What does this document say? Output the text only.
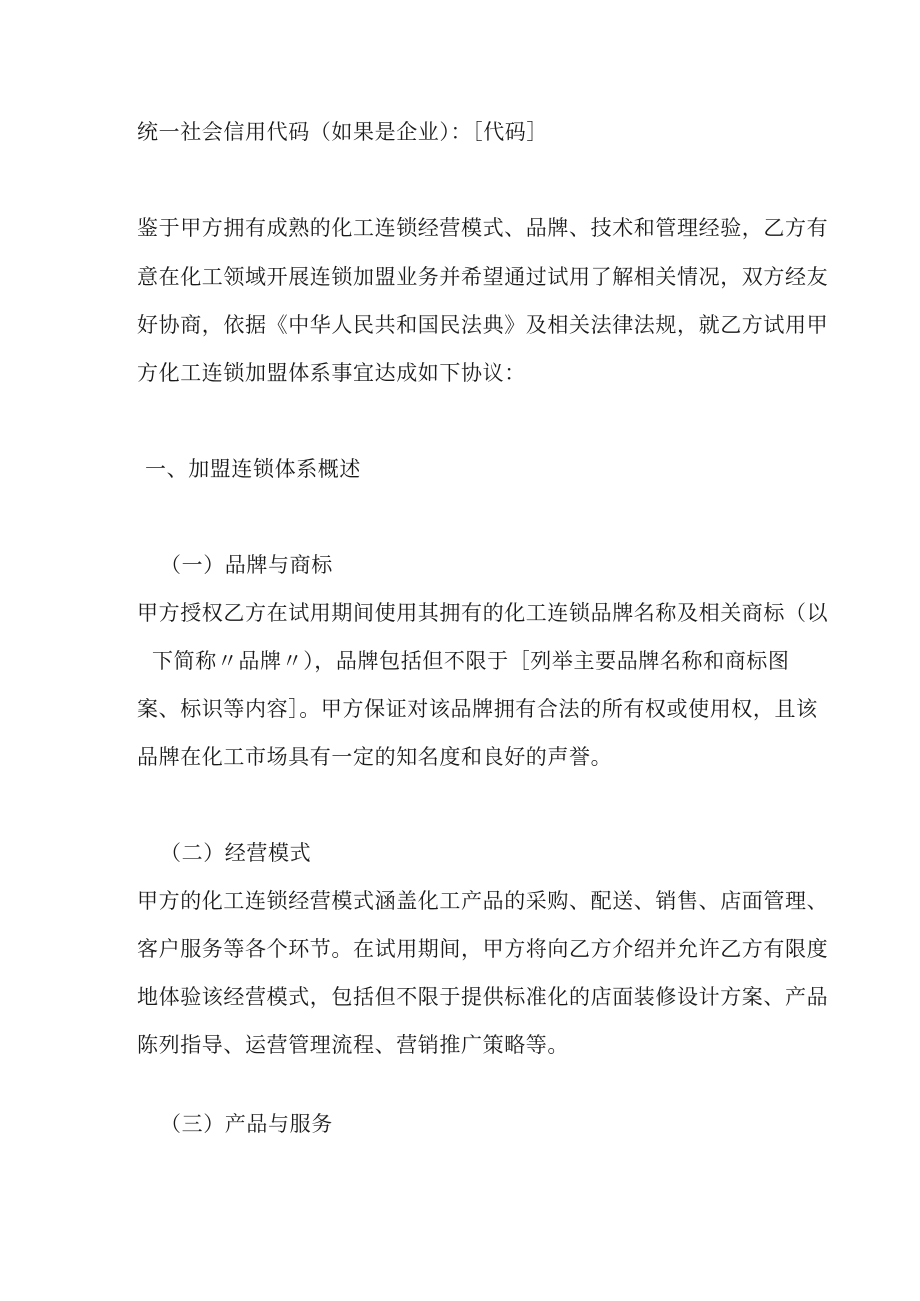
统一社会信用代码（如果是企业）：［代码］
鉴于甲方拥有成熟的化工连锁经营模式、品牌、技术和管理经验，乙方有
意在化工领域开展连锁加盟业务并希望通过试用了解相关情况，双方经友
好协商，依据《中华人民共和国民法典》及相关法律法规，就乙方试用甲
方化工连锁加盟体系事宜达成如下协议：
一、加盟连锁体系概述
（一）品牌与商标
甲方授权乙方在试用期间使用其拥有的化工连锁品牌名称及相关商标（以
下简称〃品牌〃），品牌包括但不限于［列举主要品牌名称和商标图
案、标识等内容］。甲方保证对该品牌拥有合法的所有权或使用权，且该
品牌在化工市场具有一定的知名度和良好的声誉。
（二）经营模式
甲方的化工连锁经营模式涵盖化工产品的采购、配送、销售、店面管理、
客户服务等各个环节。在试用期间，甲方将向乙方介绍并允许乙方有限度
地体验该经营模式，包括但不限于提供标准化的店面装修设计方案、产品
陈列指导、运营管理流程、营销推广策略等。
（三）产品与服务
